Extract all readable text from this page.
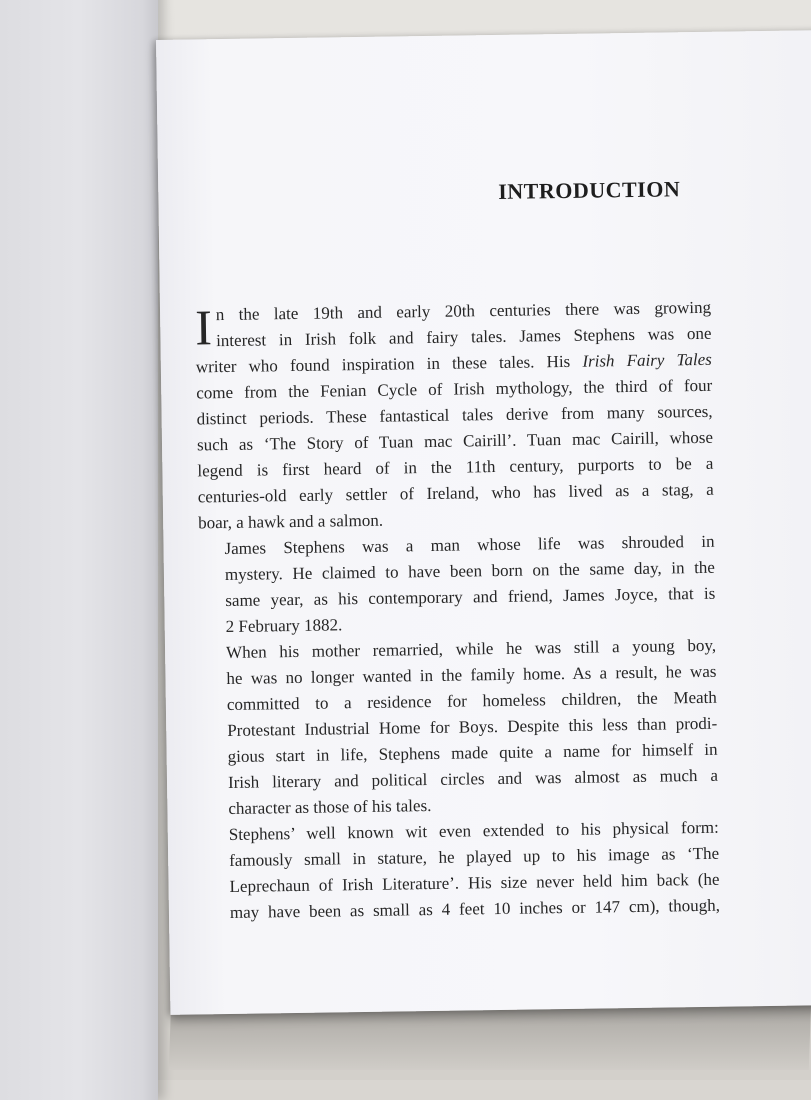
INTRODUCTION

I n the late 19th and early 20th centuries there was growing
interest in Irish folk and fairy tales. James Stephens was one
writer who found inspiration in these tales. His Irish Fairy Tales
come from the Fenian Cycle of Irish mythology, the third of four
distinct periods. These fantastical tales derive from many sources,
such as ‘The Story of Tuan mac Cairill’. Tuan mac Cairill, whose
legend is first heard of in the 11th century, purports to be a
centuries-old early settler of Ireland, who has lived as a stag, a
boar, a hawk and a salmon.

James Stephens was a man whose life was shrouded in
mystery. He claimed to have been born on the same day, in the
same year, as his contemporary and friend, James Joyce, that is
2 February 1882.

When his mother remarried, while he was still a young boy,
he was no longer wanted in the family home. As a result, he was
committed to a residence for homeless children, the Meath
Protestant Industrial Home for Boys. Despite this less than prodi-
gious start in life, Stephens made quite a name for himself in
Irish literary and political circles and was almost as much a
character as those of his tales.

Stephens’ well known wit even extended to his physical form:
famously small in stature, he played up to his image as ‘The
Leprechaun of Irish Literature’. His size never held him back (he
may have been as small as 4 feet 10 inches or 147 cm), though,
